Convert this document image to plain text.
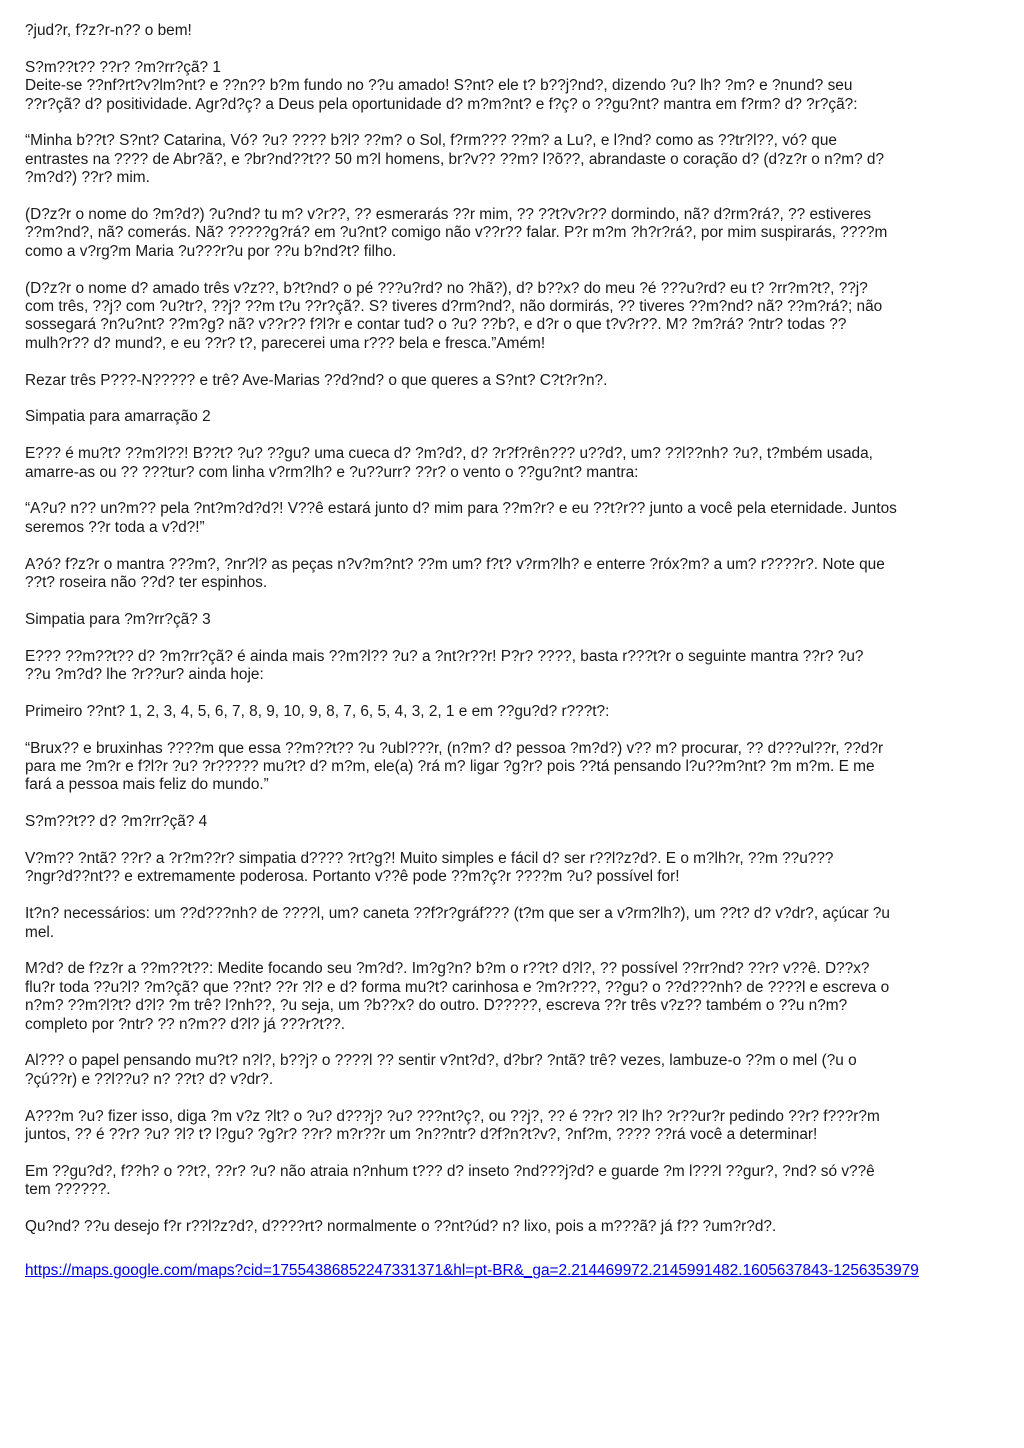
?jud?r, f?z?r-n?? o bem!
S?m??t?? ??r? ?m?rr?çã? 1
Deite-se ??nf?rt?v?lm?nt? e ??n?? b?m fundo no ??u amado! S?nt? ele t? b??j?nd?, dizendo ?u? lh? ?m? e ?nund? seu
??r?çã? d? positividade. Agr?d?ç? a Deus pela oportunidade d? m?m?nt? e f?ç? o ??gu?nt? mantra em f?rm? d? ?r?çã?:
“Minha b??t? S?nt? Catarina, Vó? ?u? ???? b?l? ??m? o Sol, f?rm??? ??m? a Lu?, e l?nd? como as ??tr?l??, vó? que
entrastes na ???? de Abr?ã?, e ?br?nd??t?? 50 m?l homens, br?v?? ??m? l?õ??, abrandaste o coração d? (d?z?r o n?m? d?
?m?d?) ??r? mim.
(D?z?r o nome do ?m?d?) ?u?nd? tu m? v?r??, ?? esmerarás ??r mim, ?? ??t?v?r?? dormindo, nã? d?rm?rá?, ?? estiveres
??m?nd?, nã? comerás. Nã? ?????g?rá? em ?u?nt? comigo não v??r?? falar. P?r m?m ?h?r?rá?, por mim suspirarás, ????m
como a v?rg?m Maria ?u???r?u por ??u b?nd?t? filho.
(D?z?r o nome d? amado três v?z??, b?t?nd? o pé ???u?rd? no ?hã?), d? b??x? do meu ?é ???u?rd? eu t? ?rr?m?t?, ??j?
com três, ??j? com ?u?tr?, ??j? ??m t?u ??r?çã?. S? tiveres d?rm?nd?, não dormirás, ?? tiveres ??m?nd? nã? ??m?rá?; não
sossegará ?n?u?nt? ??m?g? nã? v??r?? f?l?r e contar tud? o ?u? ??b?, e d?r o que t?v?r??. M? ?m?rá? ?ntr? todas ??
mulh?r?? d? mund?, e eu ??r? t?, parecerei uma r??? bela e fresca.”Amém!
Rezar três P???-N????? e trê? Ave-Marias ??d?nd? o que queres a S?nt? C?t?r?n?.
Simpatia para amarração 2
E??? é mu?t? ??m?l??! B??t? ?u? ??gu? uma cueca d? ?m?d?, d? ?r?f?rên??? u??d?, um? ??l??nh? ?u?, t?mbém usada,
amarre-as ou ?? ???tur? com linha v?rm?lh? e ?u??urr? ??r? o vento o ??gu?nt? mantra:
“A?u? n?? un?m?? pela ?nt?m?d?d?! V??ê estará junto d? mim para ??m?r? e eu ??t?r?? junto a você pela eternidade. Juntos
seremos ??r toda a v?d?!”
A?ó? f?z?r o mantra ???m?, ?nr?l? as peças n?v?m?nt? ??m um? f?t? v?rm?lh? e enterre ?róx?m? a um? r????r?. Note que
??t? roseira não ??d? ter espinhos.
Simpatia para ?m?rr?çã? 3
E??? ??m??t?? d? ?m?rr?çã? é ainda mais ??m?l?? ?u? a ?nt?r??r! P?r? ????, basta r???t?r o seguinte mantra ??r? ?u?
??u ?m?d? lhe ?r??ur? ainda hoje:
Primeiro ??nt? 1, 2, 3, 4, 5, 6, 7, 8, 9, 10, 9, 8, 7, 6, 5, 4, 3, 2, 1 e em ??gu?d? r???t?:
“Brux?? e bruxinhas ????m que essa ??m??t?? ?u ?ubl???r, (n?m? d? pessoa ?m?d?) v?? m? procurar, ?? d???ul??r, ??d?r
para me ?m?r e f?l?r ?u? ?r????? mu?t? d? m?m, ele(a) ?rá m? ligar ?g?r? pois ??tá pensando l?u??m?nt? ?m m?m. E me
fará a pessoa mais feliz do mundo.”
S?m??t?? d? ?m?rr?çã? 4
V?m?? ?ntã? ??r? a ?r?m??r? simpatia d???? ?rt?g?! Muito simples e fácil d? ser r??l?z?d?. E o m?lh?r, ??m ??u???
?ngr?d??nt?? e extremamente poderosa. Portanto v??ê pode ??m?ç?r ????m ?u? possível for!
It?n? necessários: um ??d???nh? de ????l, um? caneta ??f?r?gráf??? (t?m que ser a v?rm?lh?), um ??t? d? v?dr?, açúcar ?u
mel.
M?d? de f?z?r a ??m??t??: Medite focando seu ?m?d?. Im?g?n? b?m o r??t? d?l?, ?? possível ??rr?nd? ??r? v??ê. D??x?
flu?r toda ??u?l? ?m?çã? que ??nt? ??r ?l? e d? forma mu?t? carinhosa e ?m?r???, ??gu? o ??d???nh? de ????l e escreva o
n?m? ??m?l?t? d?l? ?m trê? l?nh??, ?u seja, um ?b??x? do outro. D?????, escreva ??r três v?z?? também o ??u n?m?
completo por ?ntr? ?? n?m?? d?l? já ???r?t??.
Al??? o papel pensando mu?t? n?l?, b??j? o ????l ?? sentir v?nt?d?, d?br? ?ntã? trê? vezes, lambuze-o ??m o mel (?u o
?çú??r) e ??l??u? n? ??t? d? v?dr?.
A???m ?u? fizer isso, diga ?m v?z ?lt? o ?u? d???j? ?u? ???nt?ç?, ou ??j?, ?? é ??r? ?l? lh? ?r??ur?r pedindo ??r? f???r?m
juntos, ?? é ??r? ?u? ?l? t? l?gu? ?g?r? ??r? m?r??r um ?n??ntr? d?f?n?t?v?, ?nf?m, ???? ??rá você a determinar!
Em ??gu?d?, f??h? o ??t?, ??r? ?u? não atraia n?nhum t??? d? inseto ?nd???j?d? e guarde ?m l???l ??gur?, ?nd? só v??ê
tem ??????.
Qu?nd? ??u desejo f?r r??l?z?d?, d????rt? normalmente o ??nt?úd? n? lixo, pois a m???ã? já f?? ?um?r?d?.
https://maps.google.com/maps?cid=17554386852247331371&hl=pt-BR&_ga=2.214469972.2145991482.1605637843-1256353979
